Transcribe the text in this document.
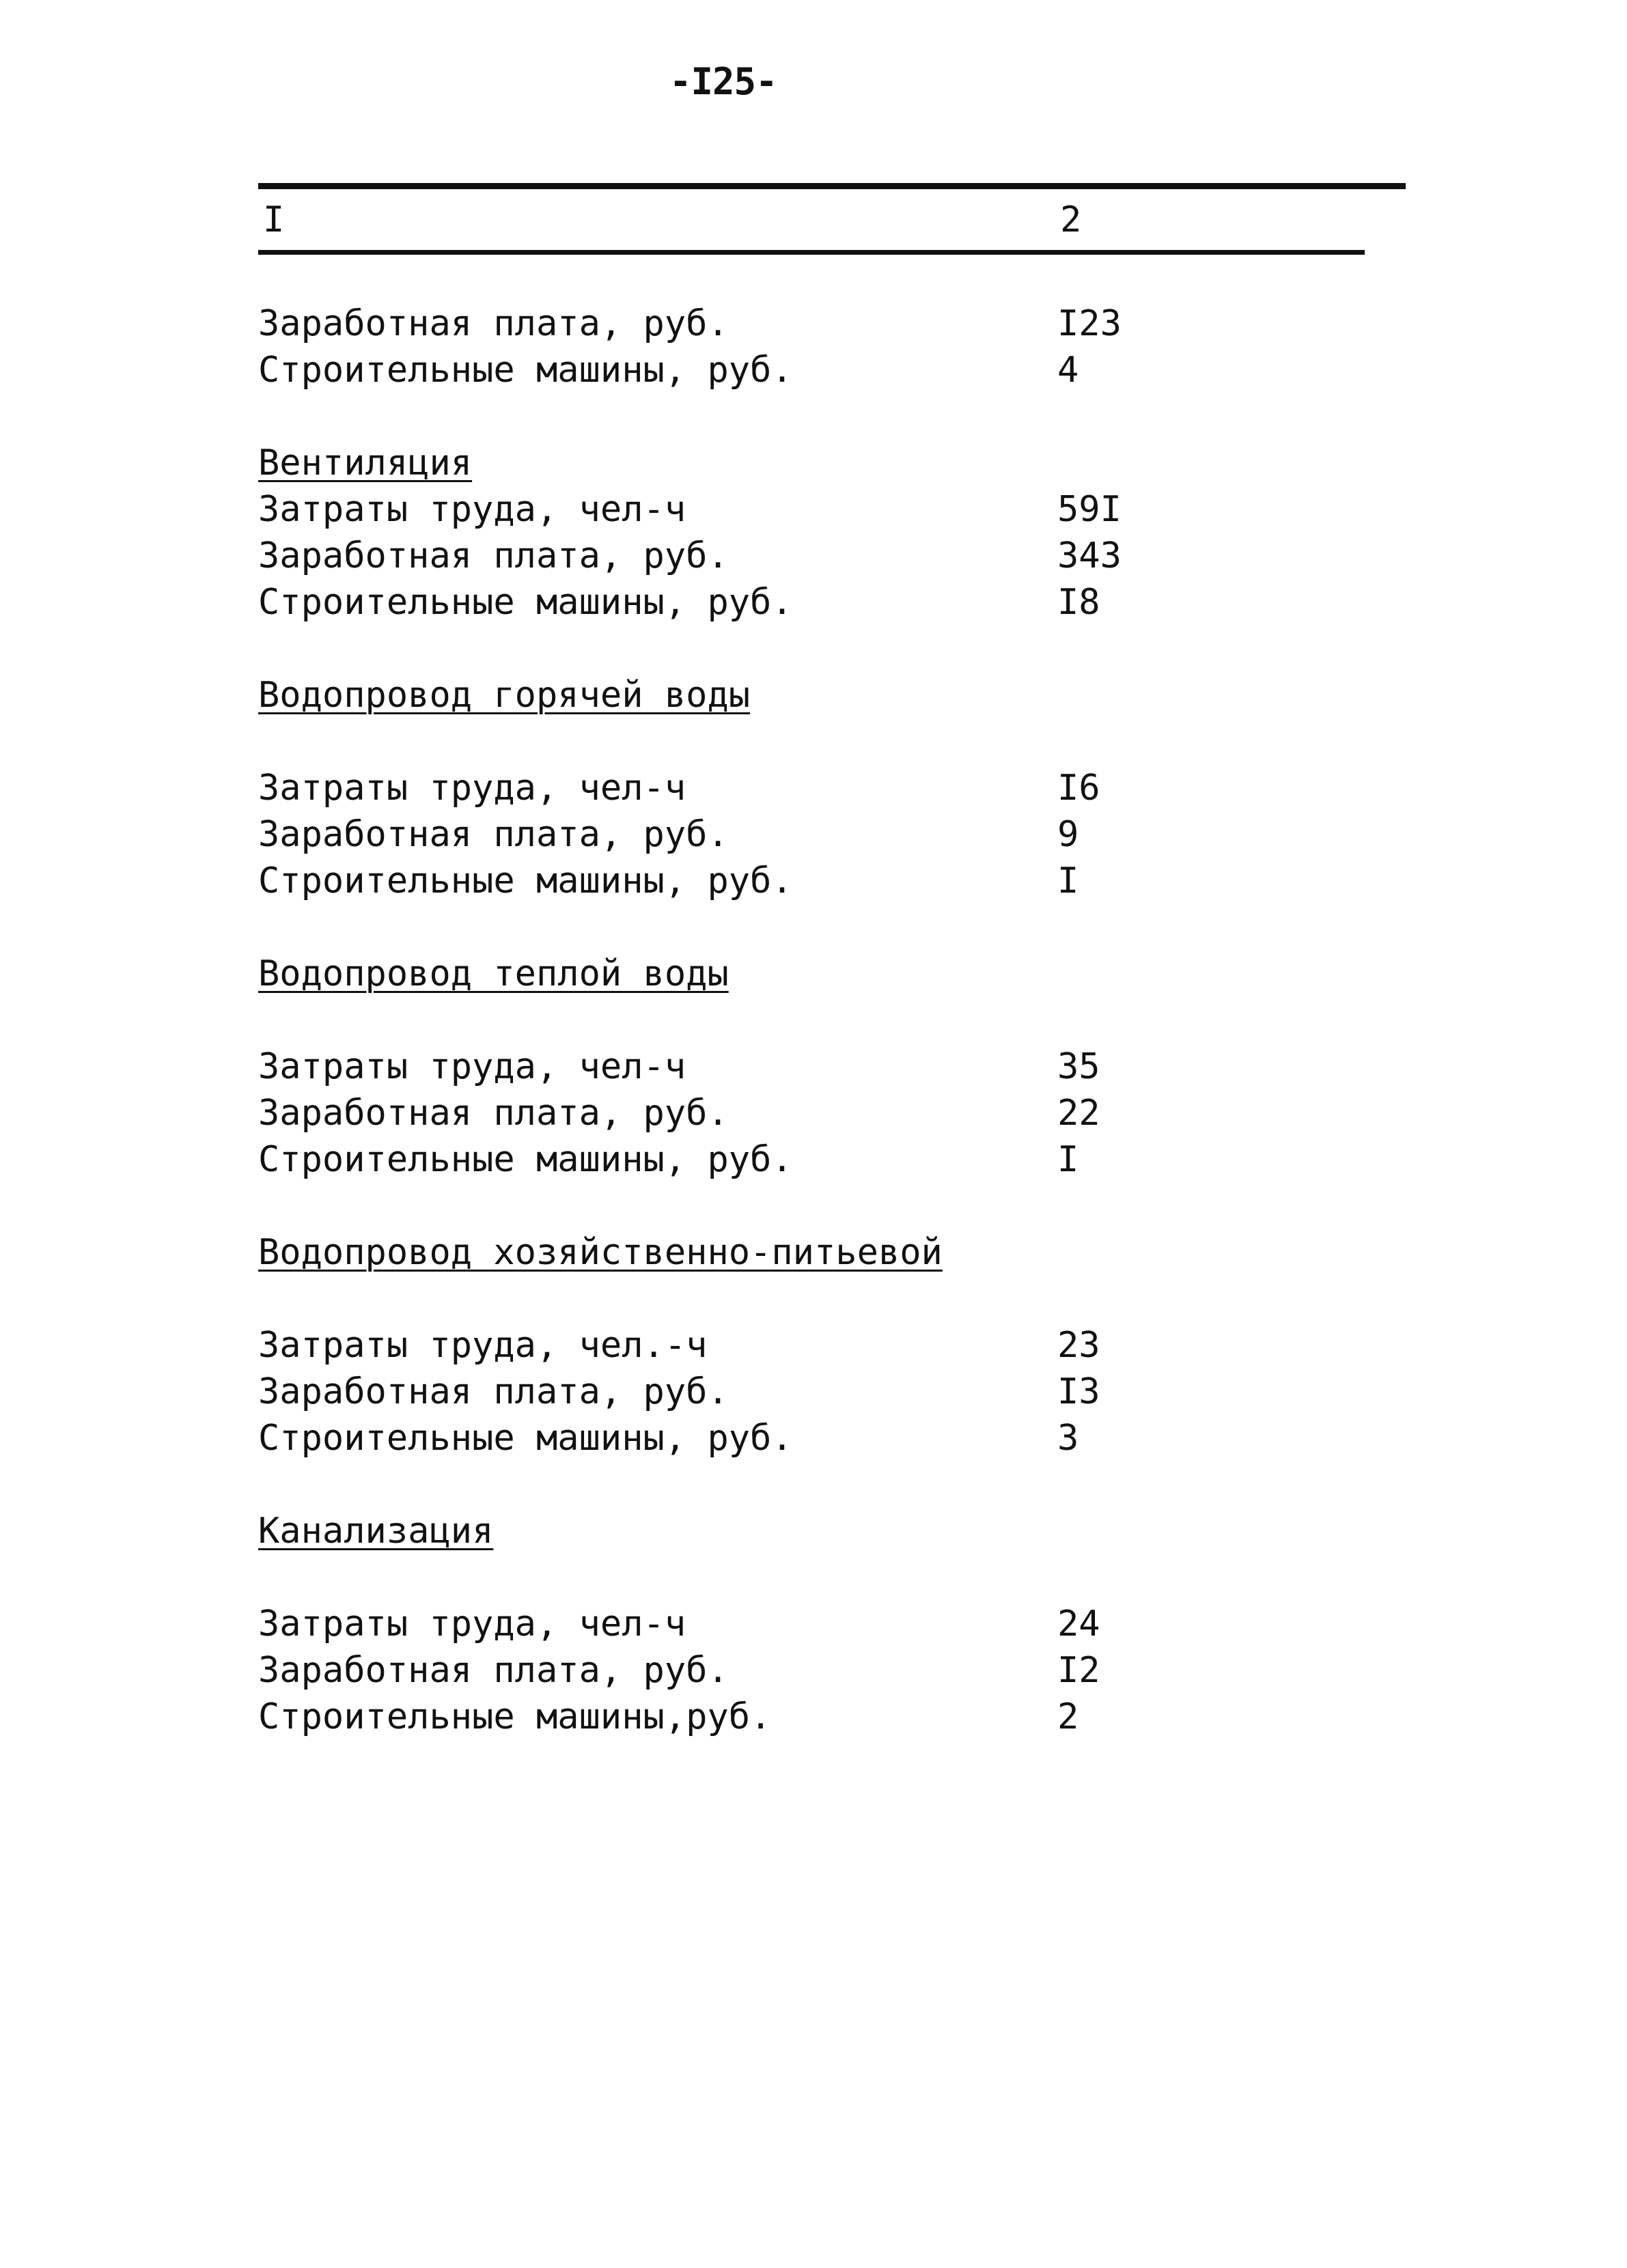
-I25-
I	2
Заработная плата, руб.	I23
Строительные машины, руб.	4
Вентиляция
Затраты труда, чел-ч	59I
Заработная плата, руб.	343
Строительные машины, руб.	I8
Водопровод горячей воды
Затраты труда, чел-ч	I6
Заработная плата, руб.	9
Строительные машины, руб.	I
Водопровод теплой воды
Затраты труда, чел-ч	35
Заработная плата, руб.	22
Строительные машины, руб.	I
Водопровод хозяйственно-питьевой
Затраты труда, чел.-ч	23
Заработная плата, руб.	I3
Строительные машины, руб.	3
Канализация
Затраты труда, чел-ч	24
Заработная плата, руб.	I2
Строительные машины,руб.	2
